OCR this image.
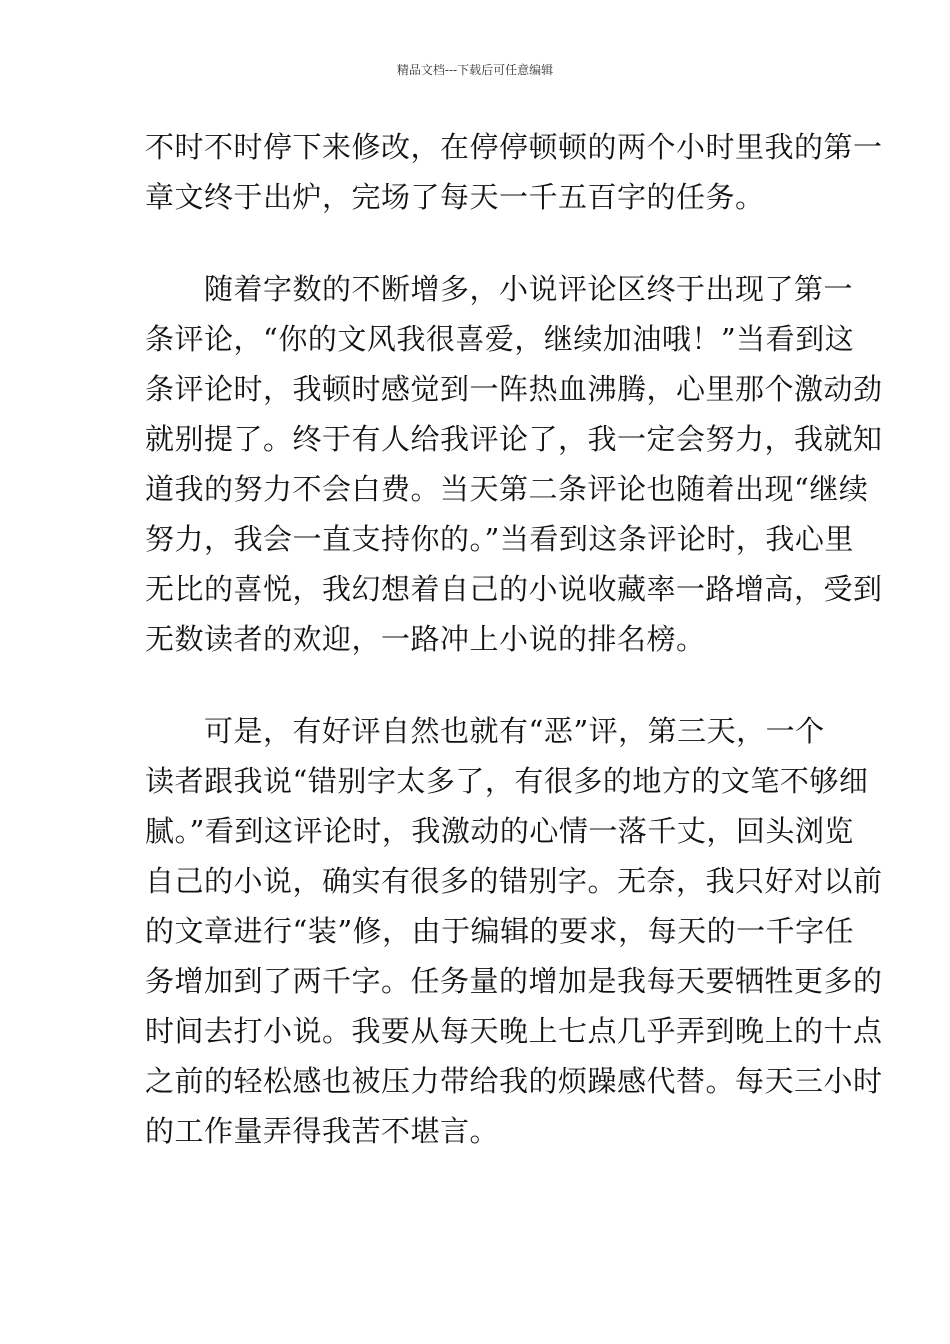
精品文档---下载后可任意编辑
不时不时停下来修改，在停停顿顿的两个小时里我的第一
章文终于出炉，完场了每天一千五百字的任务。
　　随着字数的不断增多，小说评论区终于出现了第一
条评论，“你的文风我很喜爱，继续加油哦！”当看到这
条评论时，我顿时感觉到一阵热血沸腾，心里那个激动劲
就别提了。终于有人给我评论了，我一定会努力，我就知
道我的努力不会白费。当天第二条评论也随着出现“继续
努力，我会一直支持你的。”当看到这条评论时，我心里
无比的喜悦，我幻想着自己的小说收藏率一路增高，受到
无数读者的欢迎，一路冲上小说的排名榜。
　　可是，有好评自然也就有“恶”评，第三天，一个
读者跟我说“错别字太多了，有很多的地方的文笔不够细
腻。”看到这评论时，我激动的心情一落千丈，回头浏览
自己的小说，确实有很多的错别字。无奈，我只好对以前
的文章进行“装”修，由于编辑的要求，每天的一千字任
务增加到了两千字。任务量的增加是我每天要牺牲更多的
时间去打小说。我要从每天晚上七点几乎弄到晚上的十点
之前的轻松感也被压力带给我的烦躁感代替。每天三小时
的工作量弄得我苦不堪言。
